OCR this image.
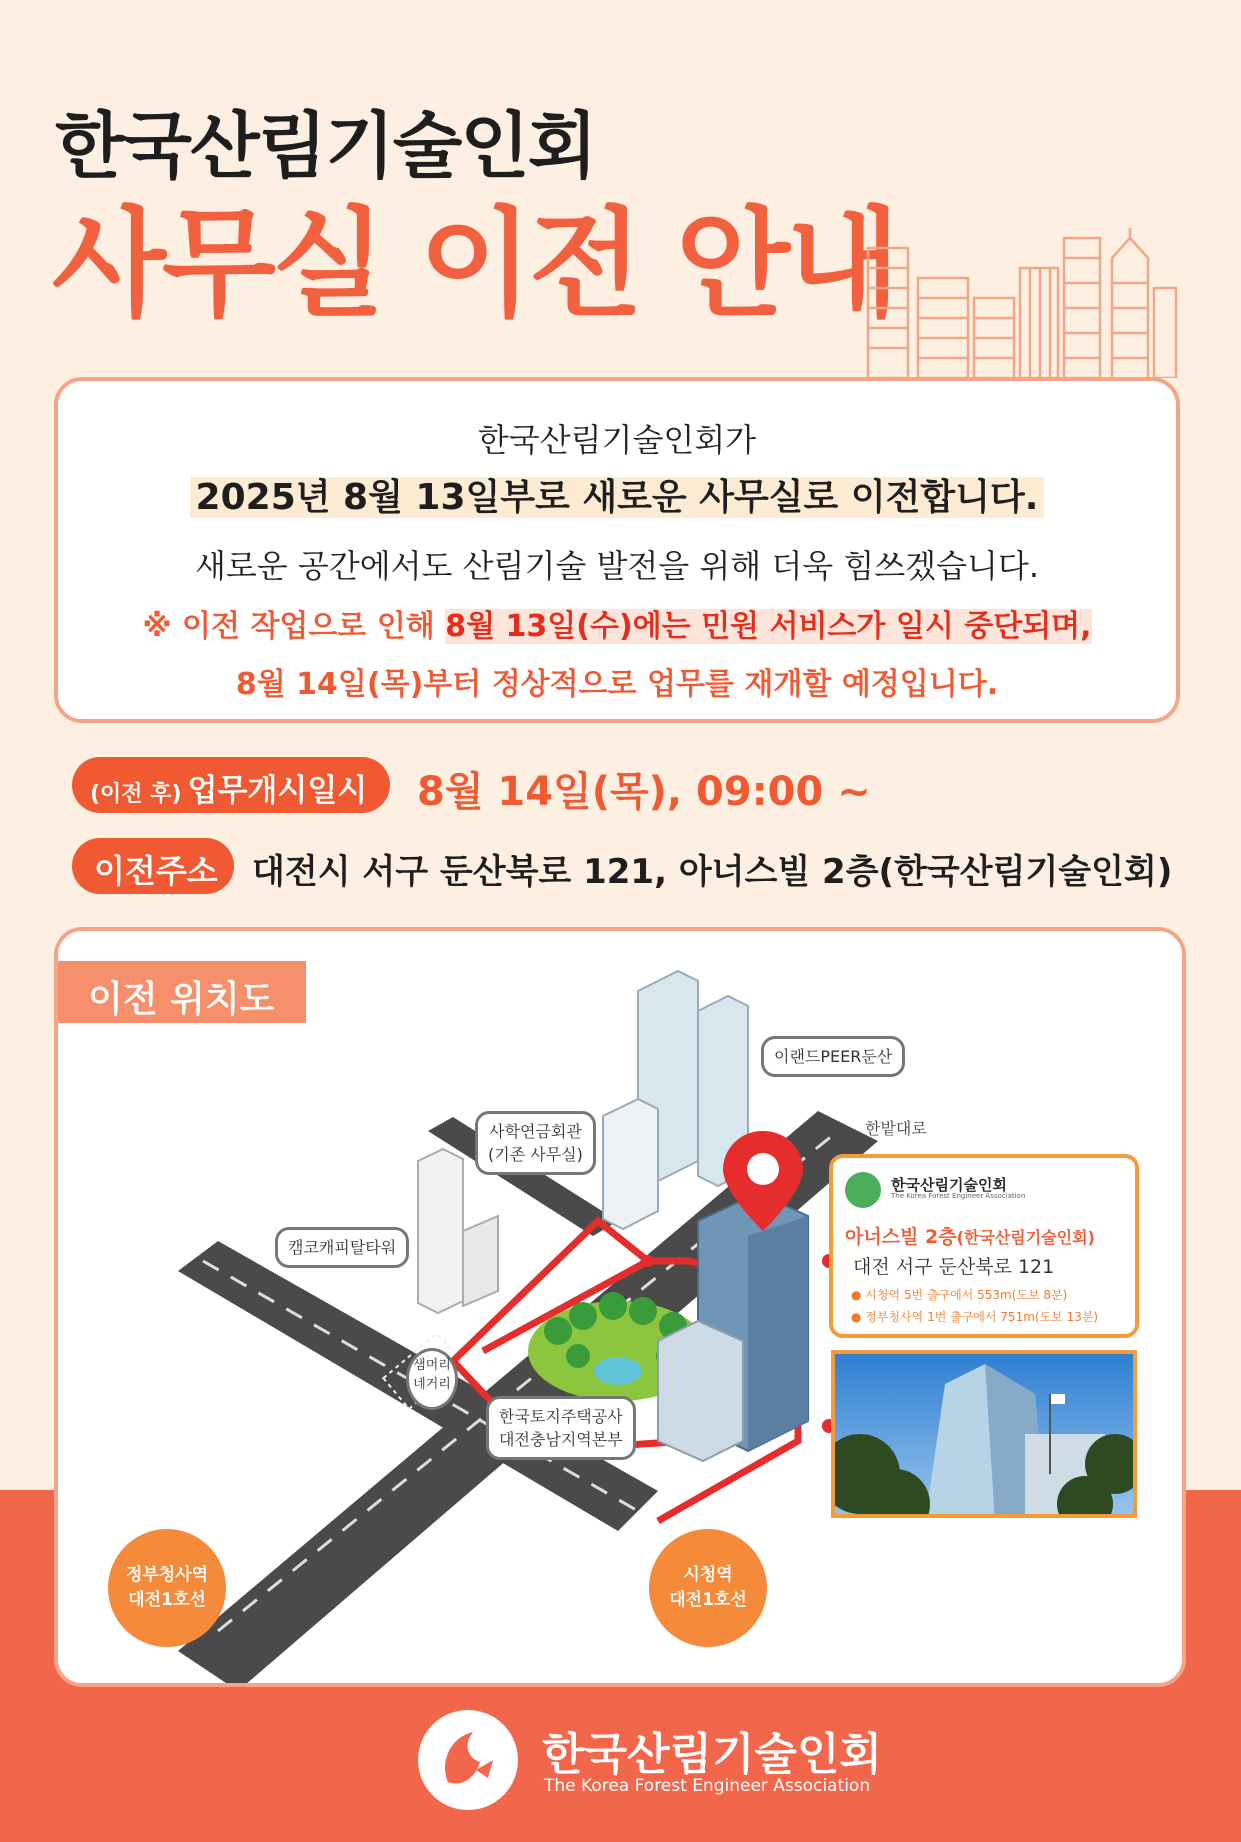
한국산림기술인회
사무실 이전 안내

한국산림기술인회가

2025년 8월 13일부로 새로운 사무실로 이전합니다.

새로운 공간에서도 산림기술 발전을 위해 더욱 힘쓰겠습니다.

※ 이전 작업으로 인해 8월 13일(수)에는 민원 서비스가 일시 중단되며,

8월 14일(목)부터 정상적으로 업무를 재개할 예정입니다.

(이전 후) 업무개시일시	8월 14일(목), 09:00 ~

이전주소	대전시 서구 둔산북로 121, 아너스빌 2층(한국산림기술인회)

이전 위치도
이랜드PEER둔산
사학연금회관
(기존 사무실)
캠코캐피탈타워
샘머리
네거리
한국토지주택공사
대전충남지역본부
한밭대로
한국산림기술인회
The Korea Forest Engineer Association
아너스빌 2층(한국산림기술인회)
대전 서구 둔산북로 121
● 시청역 5번 출구에서 553m(도보 8분)
● 정부청사역 1번 출구에서 751m(도보 13분)
정부청사역
대전1호선
시청역
대전1호선

한국산림기술인회

The Korea Forest Engineer Association
